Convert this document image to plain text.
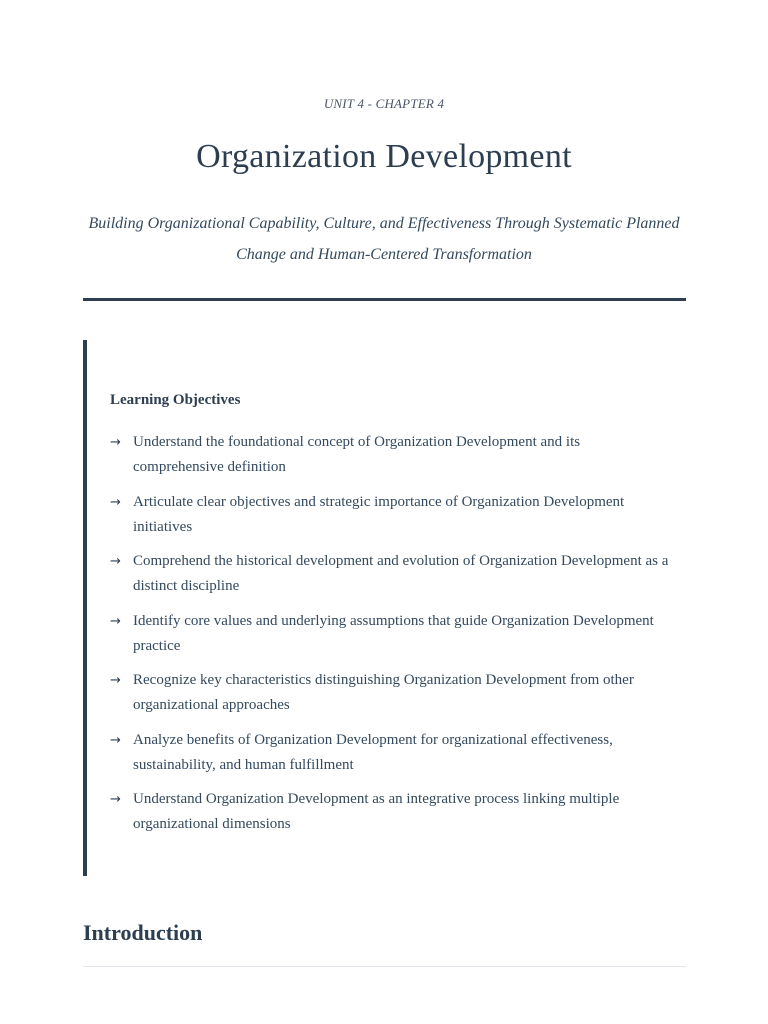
UNIT 4 - CHAPTER 4
Organization Development
Building Organizational Capability, Culture, and Effectiveness Through Systematic Planned Change and Human-Centered Transformation
Learning Objectives
→ Understand the foundational concept of Organization Development and its comprehensive definition
→ Articulate clear objectives and strategic importance of Organization Development initiatives
→ Comprehend the historical development and evolution of Organization Development as a distinct discipline
→ Identify core values and underlying assumptions that guide Organization Development practice
→ Recognize key characteristics distinguishing Organization Development from other organizational approaches
→ Analyze benefits of Organization Development for organizational effectiveness, sustainability, and human fulfillment
→ Understand Organization Development as an integrative process linking multiple organizational dimensions
Introduction
